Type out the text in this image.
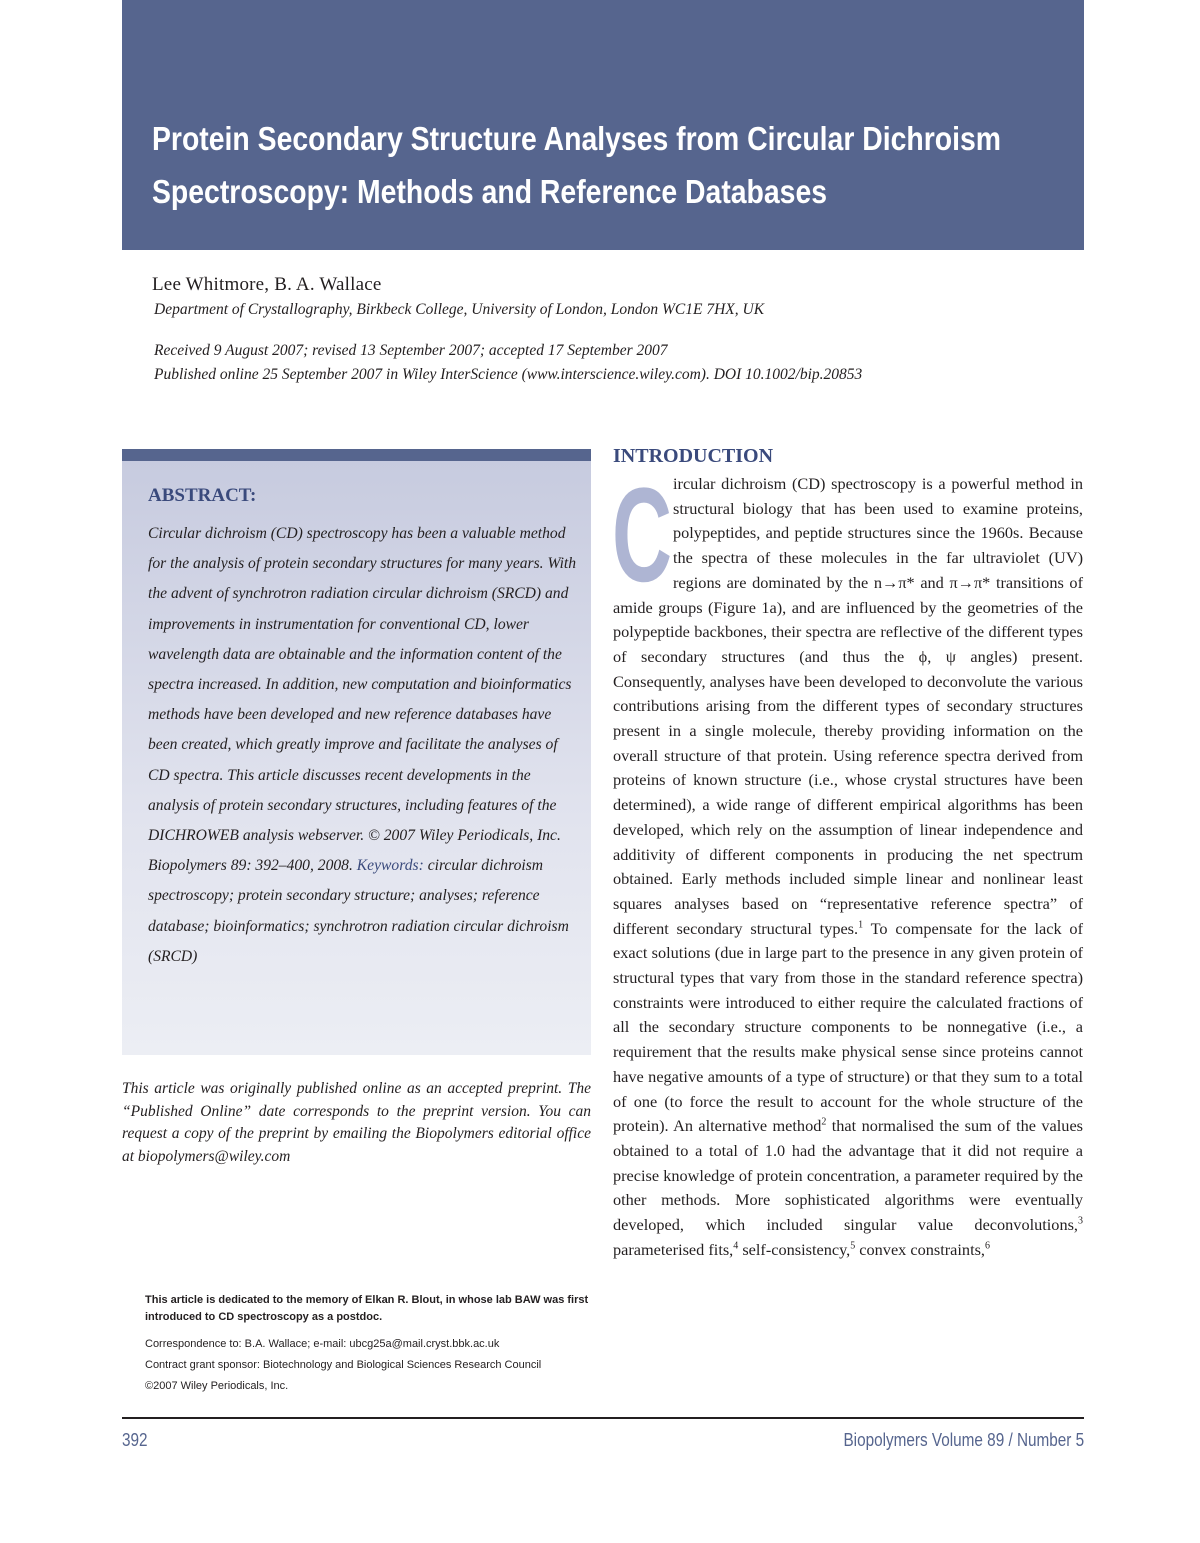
Protein Secondary Structure Analyses from Circular Dichroism
Spectroscopy: Methods and Reference Databases
Lee Whitmore, B. A. Wallace
Department of Crystallography, Birkbeck College, University of London, London WC1E 7HX, UK
Received 9 August 2007; revised 13 September 2007; accepted 17 September 2007
Published online 25 September 2007 in Wiley InterScience (www.interscience.wiley.com). DOI 10.1002/bip.20853
ABSTRACT:

Circular dichroism (CD) spectroscopy has been a valuable method for the analysis of protein secondary structures for many years. With the advent of synchrotron radiation circular dichroism (SRCD) and improvements in instrumentation for conventional CD, lower wavelength data are obtainable and the information content of the spectra increased. In addition, new computation and bioinformatics methods have been developed and new reference databases have been created, which greatly improve and facilitate the analyses of CD spectra. This article discusses recent developments in the analysis of protein secondary structures, including features of the DICHROWEB analysis webserver. © 2007 Wiley Periodicals, Inc. Biopolymers 89: 392–400, 2008. Keywords: circular dichroism spectroscopy; protein secondary structure; analyses; reference database; bioinformatics; synchrotron radiation circular dichroism (SRCD)

This article was originally published online as an accepted preprint. The “Published Online” date corresponds to the preprint version. You can request a copy of the preprint by emailing the Biopolymers editorial office at biopolymers@wiley.com

This article is dedicated to the memory of Elkan R. Blout, in whose lab BAW was first introduced to CD spectroscopy as a postdoc.

Correspondence to: B.A. Wallace; e-mail: ubcg25a@mail.cryst.bbk.ac.uk

Contract grant sponsor: Biotechnology and Biological Sciences Research Council

©2007 Wiley Periodicals, Inc.

INTRODUCTION
C ircular dichroism (CD) spectroscopy is a powerful method in structural biology that has been used to examine proteins, polypeptides, and peptide structures since the 1960s. Because the spectra of these molecules in the far ultraviolet (UV) regions are dominated by the n→π* and π→π* transitions of amide groups (Figure 1a), and are influenced by the geometries of the polypeptide backbones, their spectra are reflective of the different types of secondary structures (and thus the ϕ, ψ angles) present. Consequently, analyses have been developed to deconvolute the various contributions arising from the different types of secondary structures present in a single molecule, thereby providing information on the overall structure of that protein. Using reference spectra derived from proteins of known structure (i.e., whose crystal structures have been determined), a wide range of different empirical algorithms has been developed, which rely on the assumption of linear independence and additivity of different components in producing the net spectrum obtained. Early methods included simple linear and nonlinear least squares analyses based on “representative reference spectra” of different secondary structural types.$^1$ To compensate for the lack of exact solutions (due in large part to the presence in any given protein of structural types that vary from those in the standard reference spectra) constraints were introduced to either require the calculated fractions of all the secondary structure components to be nonnegative (i.e., a requirement that the results make physical sense since proteins cannot have negative amounts of a type of structure) or that they sum to a total of one (to force the result to account for the whole structure of the protein). An alternative method$^2$ that normalised the sum of the values obtained to a total of 1.0 had the advantage that it did not require a precise knowledge of protein concentration, a parameter required by the other methods. More sophisticated algorithms were eventually developed, which included singular value deconvolutions,$^3$ parameterised fits,$^4$ self-consistency,$^5$ convex constraints,$^6$

392	Biopolymers Volume 89 / Number 5
